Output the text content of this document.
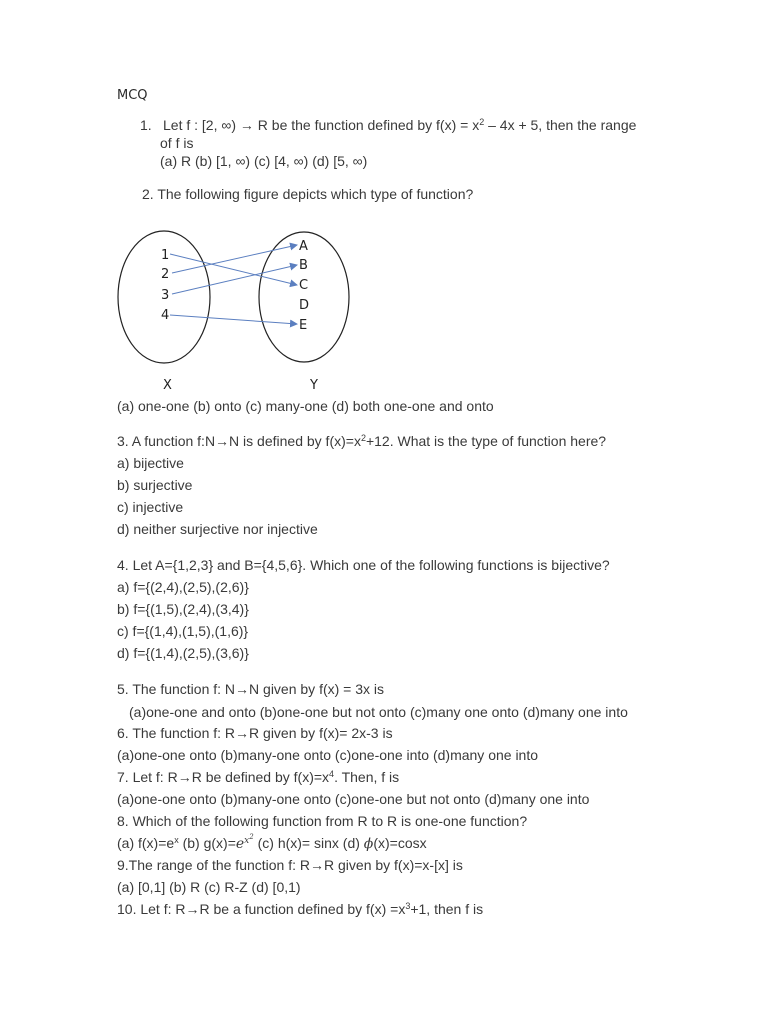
MCQ
1. Let f : [2, ∞) → R be the function defined by $f(x) = x^2 - 4x + 5$, then the range
of f is
(a) R (b) [1, ∞) (c) [4, ∞) (d) [5, ∞)
2. The following figure depicts which type of function?
1
2
3
4
A
B
C
D
E
X	Y
(a) one-one (b) onto (c) many-one (d) both one-one and onto
3. A function f:N→N is defined by $f(x)=x^2+12$. What is the type of function here?
a) bijective
b) surjective
c) injective
d) neither surjective nor injective
4. Let A={1,2,3} and B={4,5,6}. Which one of the following functions is bijective?
a) f={(2,4),(2,5),(2,6)}
b) f={(1,5),(2,4),(3,4)}
c) f={(1,4),(1,5),(1,6)}
d) f={(1,4),(2,5),(3,6)}
5. The function f: N→N given by f(x) = 3x is
(a)one-one and onto (b)one-one but not onto (c)many one onto (d)many one into
6. The function f: R→R given by f(x)= 2x-3 is
(a)one-one onto (b)many-one onto (c)one-one into (d)many one into
7. Let f: R→R be defined by $f(x)=x^4$. Then, f is
(a)one-one onto (b)many-one onto (c)one-one but not onto (d)many one into
8. Which of the following function from R to R is one-one function?
(a) $f(x)=e^x$ (b) $g(x)=e^{x^2}$ (c) h(x)= sinx (d) ϕ(x)=cosx
9.The range of the function f: R→R given by f(x)=x-[x] is
(a) [0,1] (b) R (c) R-Z (d) [0,1)
10. Let f: R→R be a function defined by $f(x) =x^3+1$, then f is
